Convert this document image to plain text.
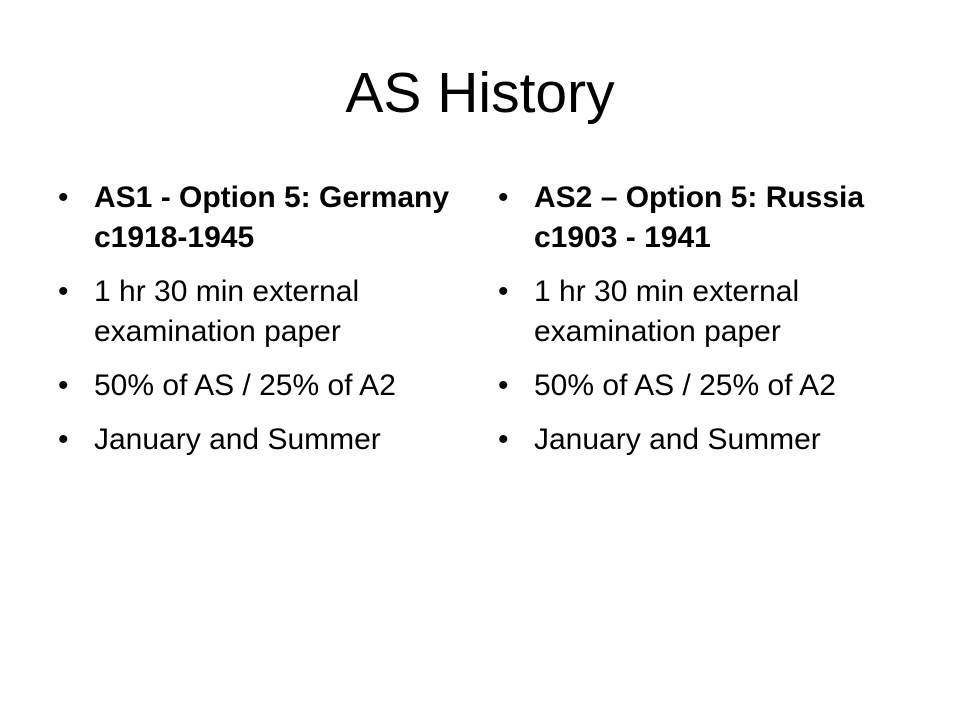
AS History
• AS1 - Option 5: Germany c1918-1945
• 1 hr 30 min external examination paper
• 50% of AS / 25% of A2
• January and Summer
• AS2 – Option 5: Russia c1903 - 1941
• 1 hr 30 min external examination paper
• 50% of AS / 25% of A2
• January and Summer
